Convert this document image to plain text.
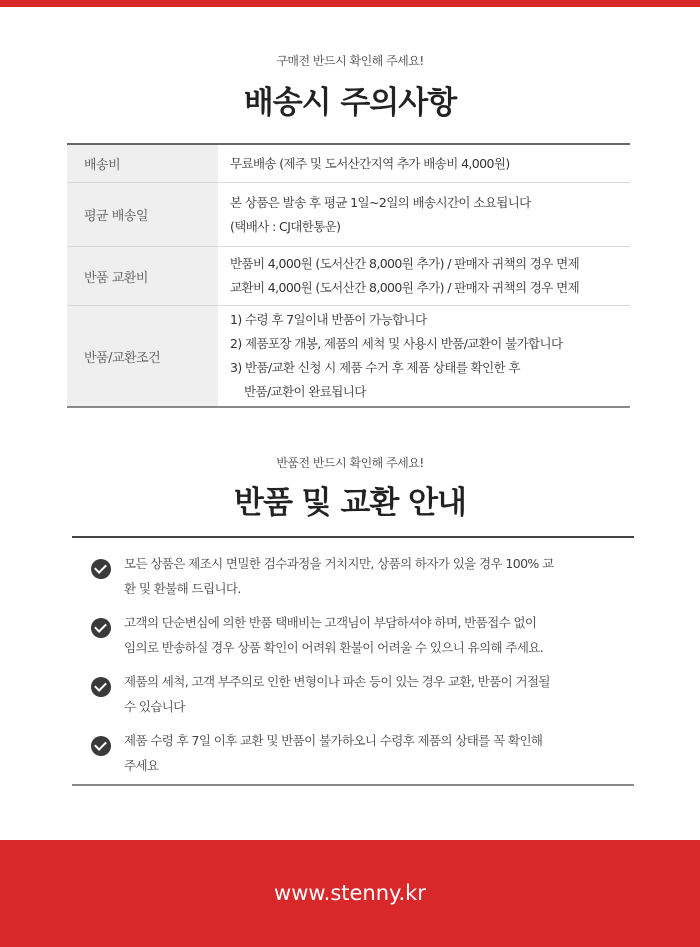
구매전 반드시 확인해 주세요!
배송시 주의사항
배송비	무료배송 (제주 및 도서산간지역 추가 배송비 4,000원)
평균 배송일
본 상품은 발송 후 평균 1일~2일의 배송시간이 소요됩니다
(택배사 : CJ대한통운)
반품 교환비
반품비 4,000원 (도서산간 8,000원 추가) / 판매자 귀책의 경우 면제
교환비 4,000원 (도서산간 8,000원 추가) / 판매자 귀책의 경우 면제
반품/교환조건
1) 수령 후 7일이내 반품이 가능합니다
2) 제품포장 개봉, 제품의 세척 및 사용시 반품/교환이 불가합니다
3) 반품/교환 신청 시 제품 수거 후 제품 상태를 확인한 후
반품/교환이 완료됩니다
반품전 반드시 확인해 주세요!
반품 및 교환 안내
모든 상품은 제조시 면밀한 검수과정을 거치지만, 상품의 하자가 있을 경우 100% 교
환 및 환불해 드립니다.
고객의 단순변심에 의한 반품 택배비는 고객님이 부담하셔야 하며, 반품접수 없이
임의로 반송하실 경우 상품 확인이 어려워 환불이 어려울 수 있으니 유의해 주세요.
제품의 세척, 고객 부주의로 인한 변형이나 파손 등이 있는 경우 교환, 반품이 거절될
수 있습니다
제품 수령 후 7일 이후 교환 및 반품이 불가하오니 수령후 제품의 상태를 꼭 확인해
주세요
www.stenny.kr
